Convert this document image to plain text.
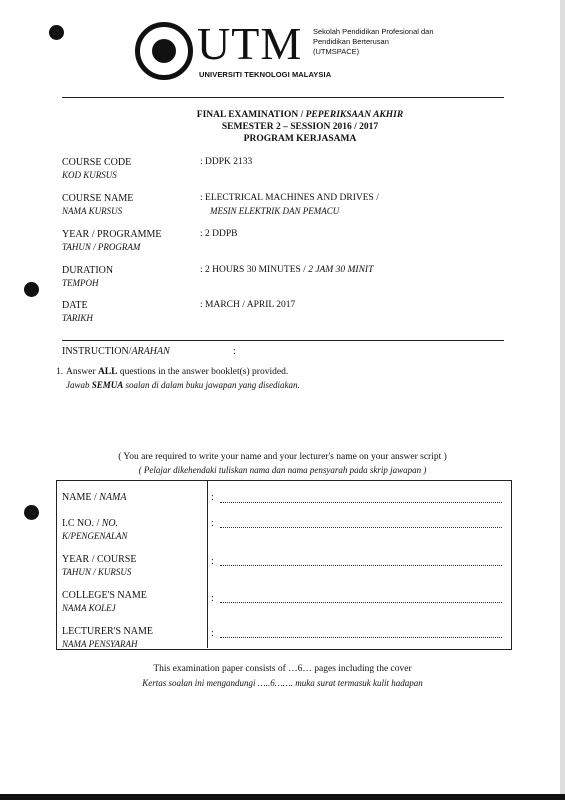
UTM
UNIVERSITI TEKNOLOGI MALAYSIA
Sekolah Pendidikan Profesional dan
Pendidikan Berterusan
(UTMSPACE)
FINAL EXAMINATION / PEPERIKSAAN AKHIR
SEMESTER 2 – SESSION 2016 / 2017
PROGRAM KERJASAMA
COURSE CODE
KOD KURSUS
: DDPK 2133
COURSE NAME
NAMA KURSUS
: ELECTRICAL MACHINES AND DRIVES /
MESIN ELEKTRIK DAN PEMACU
YEAR / PROGRAMME
TAHUN / PROGRAM
: 2 DDPB
DURATION
TEMPOH
: 2 HOURS 30 MINUTES / 2 JAM 30 MINIT
DATE
TARIKH
: MARCH / APRIL 2017
INSTRUCTION/ARAHAN	:
1. Answer ALL questions in the answer booklet(s) provided.
Jawab SEMUA soalan di dalam buku jawapan yang disediakan.
( You are required to write your name and your lecturer's name on your answer script )
( Pelajar dikehendaki tuliskan nama dan nama pensyarah pada skrip jawapan )
NAME / NAMA	:
I.C NO. / NO.
K/PENGENALAN
:
YEAR / COURSE
TAHUN / KURSUS
:
COLLEGE'S NAME
NAMA KOLEJ
:
LECTURER'S NAME
NAMA PENSYARAH
:
This examination paper consists of …6… pages including the cover
Kertas soalan ini mengandungi …..6……. muka surat termasuk kulit hadapan
